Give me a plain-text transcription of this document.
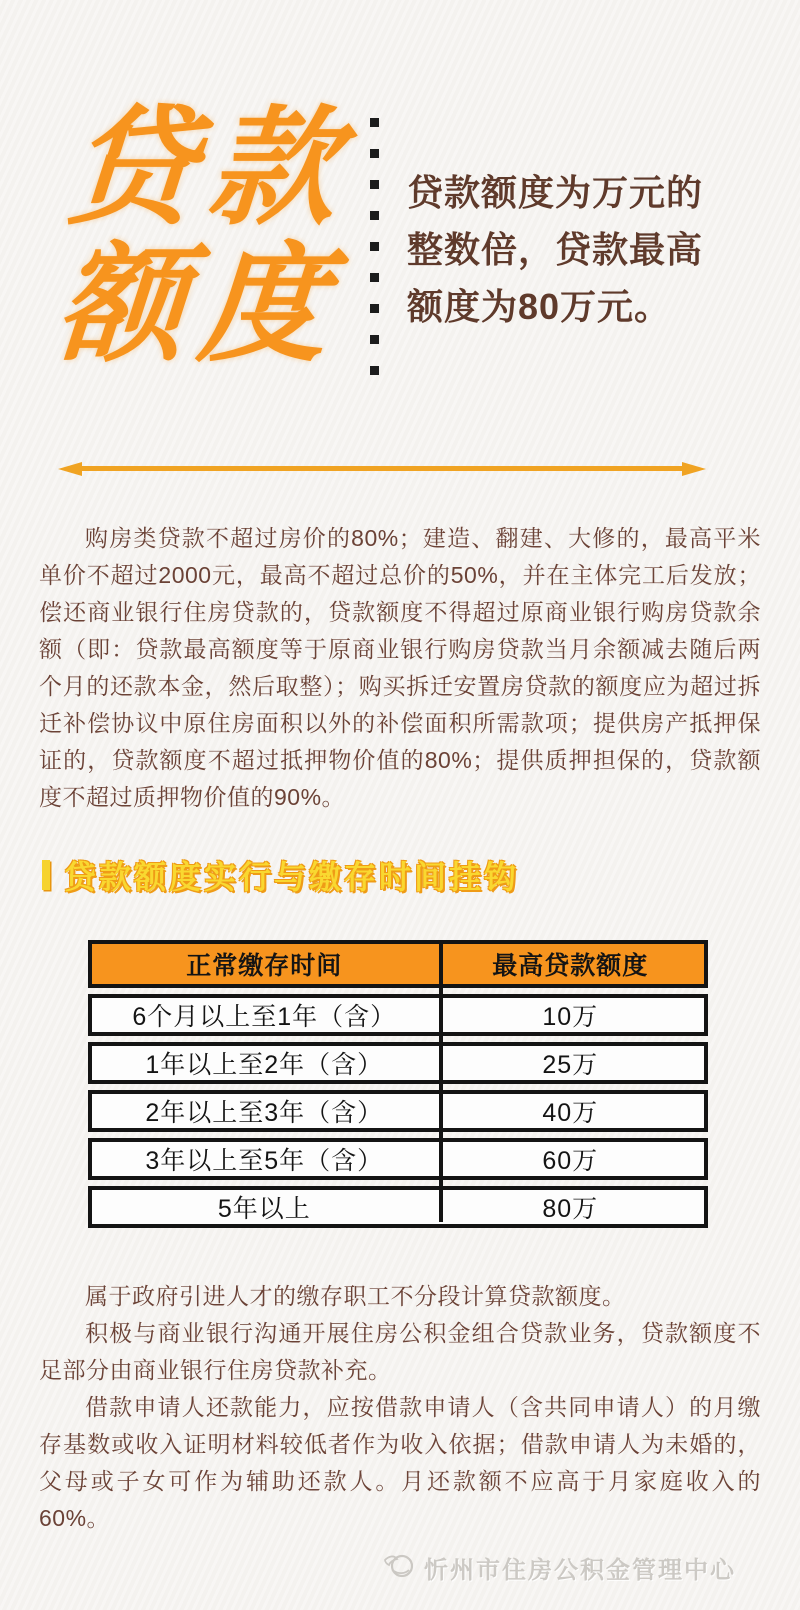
贷款
额度
贷款额度为万元的
整数倍，贷款最高
额度为80万元。

购房类贷款不超过房价的80%；建造、翻建、大修的，最高平米单价不超过2000元，最高不超过总价的50%，并在主体完工后发放；偿还商业银行住房贷款的，贷款额度不得超过原商业银行购房贷款余额（即：贷款最高额度等于原商业银行购房贷款当月余额减去随后两个月的还款本金，然后取整）；购买拆迁安置房贷款的额度应为超过拆迁补偿协议中原住房面积以外的补偿面积所需款项；提供房产抵押保证的，贷款额度不超过抵押物价值的80%；提供质押担保的，贷款额度不超过质押物价值的90%。

贷款额度实行与缴存时间挂钩
正常缴存时间	最高贷款额度
6个月以上至1年（含）	10万
1年以上至2年（含）	25万
2年以上至3年（含）	40万
3年以上至5年（含）	60万
5年以上	80万

属于政府引进人才的缴存职工不分段计算贷款额度。

积极与商业银行沟通开展住房公积金组合贷款业务，贷款额度不足部分由商业银行住房贷款补充。

借款申请人还款能力，应按借款申请人（含共同申请人）的月缴存基数或收入证明材料较低者作为收入依据；借款申请人为未婚的，父母或子女可作为辅助还款人。月还款额不应高于月家庭收入的60%。

忻州市住房公积金管理中心
